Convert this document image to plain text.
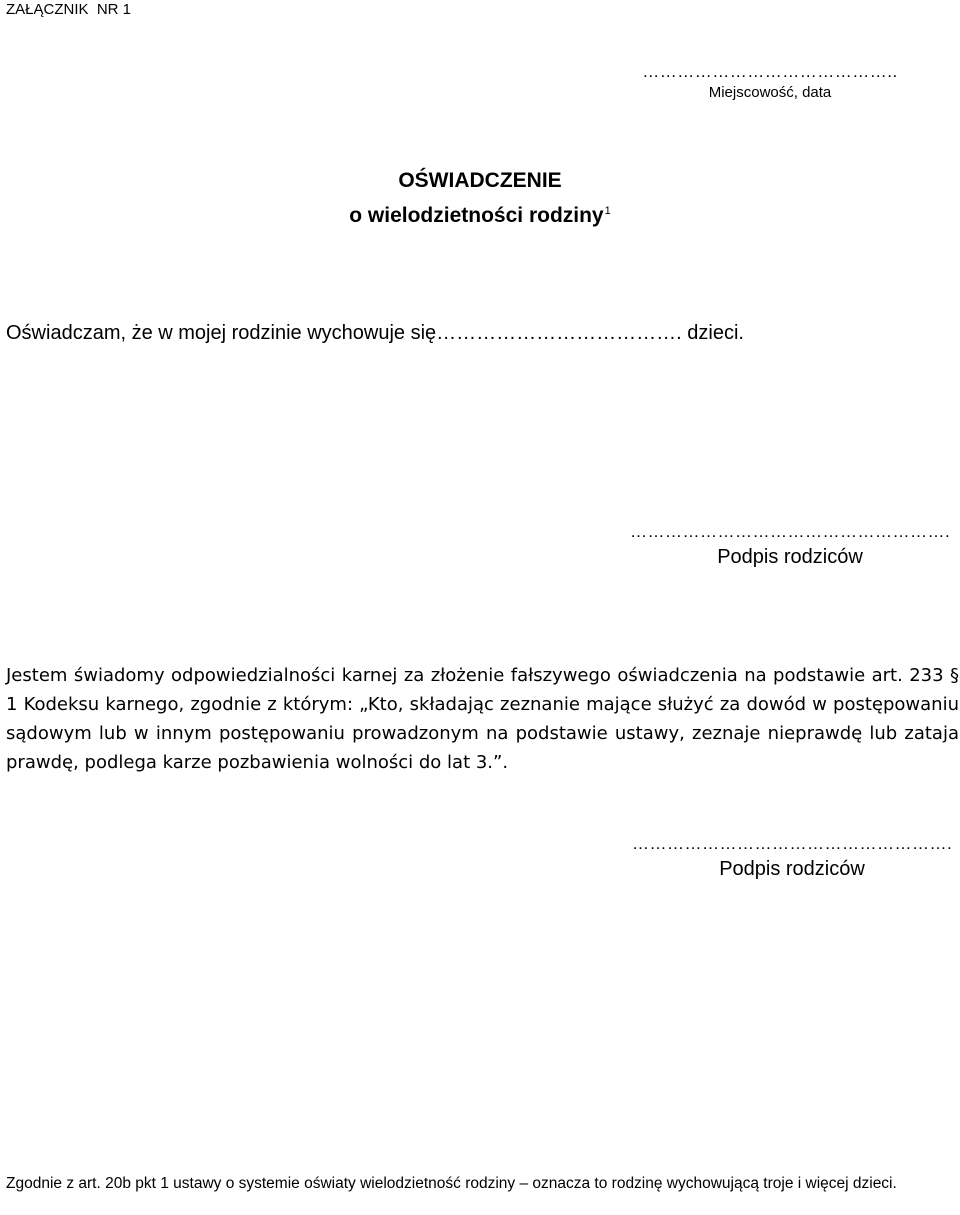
ZAŁĄCZNIK  NR 1
……………………………………..
Miejscowość, data
OŚWIADCZENIE
o wielodzietności rodziny$^1$
Oświadczam, że w mojej rodzinie wychowuje się………………………………. dzieci.
……………………………………………….
Podpis rodziców
Jestem świadomy odpowiedzialności karnej za złożenie fałszywego oświadczenia na podstawie art. 233 § 1 Kodeksu karnego, zgodnie z którym: „Kto, składając zeznanie mające służyć za dowód w postępowaniu sądowym lub w innym postępowaniu prowadzonym na podstawie ustawy, zeznaje nieprawdę lub zataja prawdę, podlega karze pozbawienia wolności do lat 3.”.
……………………………………………….
Podpis rodziców
Zgodnie z art. 20b pkt 1 ustawy o systemie oświaty wielodzietność rodziny – oznacza to rodzinę wychowującą troje i więcej dzieci.
